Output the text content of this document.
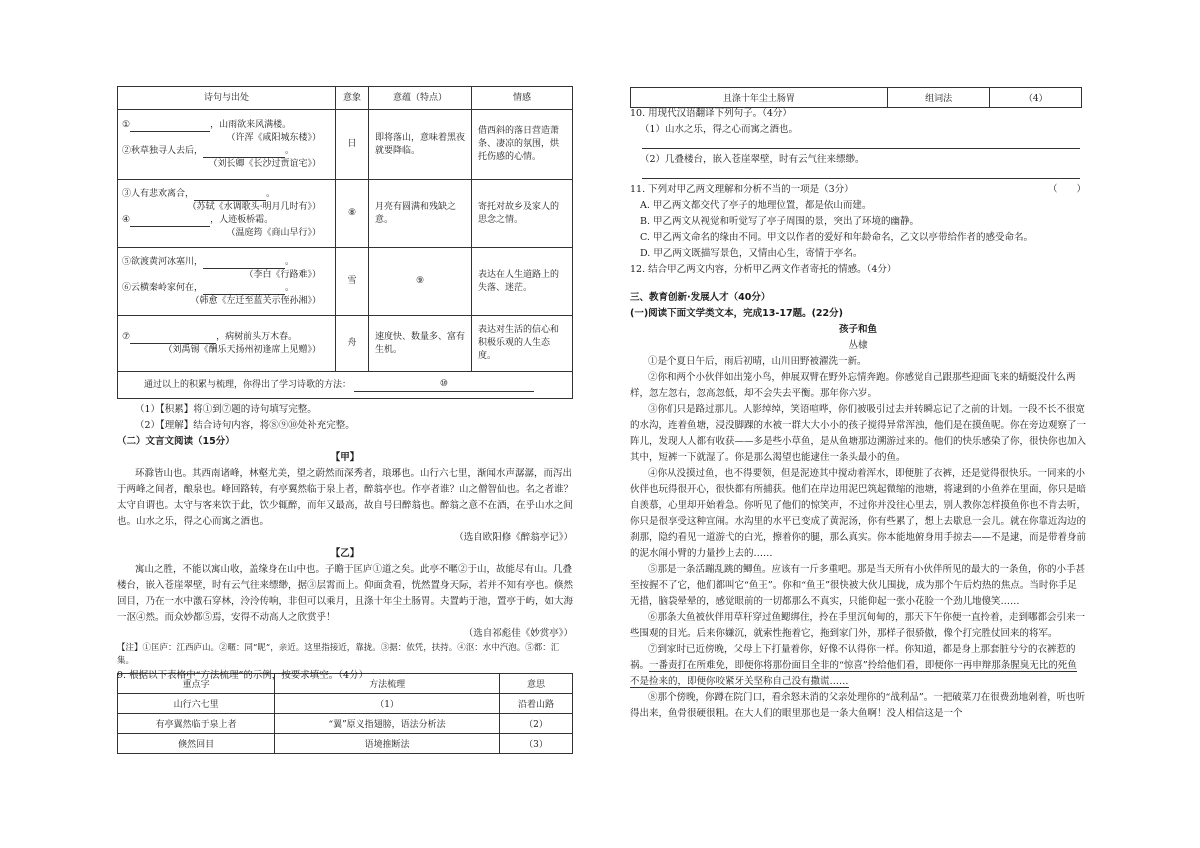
诗句与出处	意象	意蕴（特点）	情感

① ，山雨欲来风满楼。
（许浑《咸阳城东楼》）
②秋草独寻人去后， 。
（刘长卿《长沙过贾谊宅》）	日	即将落山，意味着黑夜就要降临。	借西斜的落日营造萧条、凄凉的氛围，烘托伤感的心情。

③人有悲欢离合， 。
（苏轼《水调歌头·明月几时有》）
④ ，人迹板桥霜。
（温庭筠《商山早行》）	⑧	月亮有圆满和残缺之意。	寄托对故乡及家人的思念之情。

⑤欲渡黄河冰塞川， 。
（李白《行路难》）
⑥云横秦岭家何在， 。
（韩愈《左迁至蓝关示侄孙湘》）	雪	⑨	表达在人生道路上的失落、迷茫。

⑦ ，病树前头万木春。
（刘禹锡《酬乐天扬州初逢席上见赠》）	舟	速度快、数量多、富有生机。	表达对生活的信心和积极乐观的人生态度。
通过以上的积累与梳理，你得出了学习诗歌的方法： ⑩			

（1）【积累】将①到⑦题的诗句填写完整。

（2）【理解】结合诗句内容，将⑧⑨⑩处补充完整。

（二）文言文阅读（15分）

【甲】

环滁皆山也。其西南诸峰，林壑尤美，望之蔚然而深秀者，琅琊也。山行六七里，渐闻水声潺潺，而泻出于两峰之间者，酿泉也。峰回路转，有亭翼然临于泉上者，醉翁亭也。作亭者谁？山之僧智仙也。名之者谁？太守自谓也。太守与客来饮于此，饮少辄醉，而年又最高，故自号曰醉翁也。醉翁之意不在酒，在乎山水之间也。山水之乐，得之心而寓之酒也。

（选自欧阳修《醉翁亭记》）

【乙】

寓山之胜，不能以寓山收，盖缘身在山中也。子瞻于匡庐①道之矣。此亭不暱②于山，故能尽有山。几叠楼台，嵌入苍崖翠壁，时有云气往来缥缈，据③层霄而上。仰面贪看，恍然置身天际，若并不知有亭也。倏然回目，乃在一水中激石穿林，泠泠传响，非但可以乘月，且涤十年尘土肠胃。夫置屿于池，置亭于屿，如大海一沤④然。而众妙都⑤焉，安得不动高人之欣赏乎！

（选自祁彪佳《妙赏亭》）

【注】①匡庐：江西庐山。②暱：同“昵”，亲近。这里指接近，靠拢。③据：依凭，扶持。④沤：水中汽泡。⑤都：汇集。

9. 根据以下表格中“方法梳理”的示例，按要求填空。（4分）

重点字	方法梳理	意思
山行六七里	（1）	沿着山路
有亭翼然临于泉上者	“翼”原义指翅膀，语法分析法	（2）
倏然回目	语境推断法	（3）
且涤十年尘土肠胃	组词法	（4）

10. 用现代汉语翻译下列句子。（4分）

（1）山水之乐，得之心而寓之酒也。

（2）几叠楼台，嵌入苍崖翠壁，时有云气往来缥缈。

11. 下列对甲乙两文理解和分析不当的一项是（3分）	（　　）

A. 甲乙两文都交代了亭子的地理位置，都是依山而建。

B. 甲乙两文从视觉和听觉写了亭子周围的景，突出了环境的幽静。

C. 甲乙两文命名的缘由不同。甲文以作者的爱好和年龄命名，乙文以亭带给作者的感受命名。

D. 甲乙两文既描写景色，又情由心生，寄情于亭名。

12. 结合甲乙两文内容，分析甲乙两文作者寄托的情感。（4分）

三、教育创新·发展人才（40分）

(一)阅读下面文学类文本，完成13-17题。(22分)

孩子和鱼

丛棣

①是个夏日午后，雨后初晴，山川田野被濯洗一新。

②你和两个小伙伴如出笼小鸟，伸展双臂在野外忘情奔跑。你感觉自己跟那些迎面飞来的蜻蜓没什么两样，忽左忽右，忽高忽低，却不会失去平衡。那年你六岁。

③你们只是路过那儿。人影绰绰，笑语喧哗，你们被吸引过去并转瞬忘记了之前的计划。一段不长不很宽的水沟，连着鱼塘，浸没脚踝的水被一群大大小小的孩子搅得异常浑浊，他们是在摸鱼呢。你在旁边观察了一阵儿，发现人人都有收获——多是些小草鱼，是从鱼塘那边溯游过来的。他们的快乐感染了你，很快你也加入其中，短裤一下就湿了。你是那么渴望也能逮住一条头最小的鱼。

④你从没摸过鱼，也不得要领，但是泥迹其中搅动着浑水，即便脏了衣裤，还是觉得很快乐。一同来的小伙伴也玩得很开心，很快都有所捕获。他们在岸边用泥巴筑起微缩的池塘，将逮到的小鱼养在里面，你只是暗自羡慕，心里却开始着急。你听见了他们的惊笑声，不过你并没往心里去，别人教你怎样摸鱼你也不肯去听，你只是很享受这种宣闹。水沟里的水平已变成了黄泥汤，你有些累了，想上去歇息一会儿。就在你靠近沟边的刹那，隐约看见一道游弋的白光，擦着你的腿，那么真实。你本能地俯身用手掠去——不是逮，而是带着身前的泥水闹小臂的力量抄上去的……

⑤那是一条活蹦乱跳的鲫鱼。应该有一斤多重吧。那是当天所有小伙伴所见的最大的一条鱼，你的小手甚至按握不了它，他们都叫它“鱼王”。你和“鱼王”很快被大伙儿围拢，成为那个午后灼热的焦点。当时你手足无措，脑袋晕晕的，感觉眼前的一切都那么不真实，只能仰起一张小花脸一个劲儿地傻笑……

⑥那条大鱼被伙伴用草秆穿过鱼鳃绑住，拎在手里沉甸甸的，那天下午你便一直拎着，走到哪都会引来一些围观的目光。后来你嫌沉，就索性拖着它，拖到家门外，那样子很骄傲，像个打完胜仗回来的将军。

⑦到家时已近傍晚，父母上下打量着你，好像不认得你一样。你知道，都是身上那套脏兮兮的衣裤惹的祸。一番责打在所难免，即便你将那份面目全非的“惊喜”拎给他们看，即便你一再申辩那条腥臭无比的死鱼不是捡来的，即便你咬紧牙关坚称自己没有撒谎……

⑧那个傍晚，你蹲在院门口，看余怒未消的父亲处理你的“战利品”。一把破菜刀在很费劲地剁着，听也听得出来，鱼骨很硬很粗。在大人们的眼里那也是一条大鱼啊！没人相信这是一个
